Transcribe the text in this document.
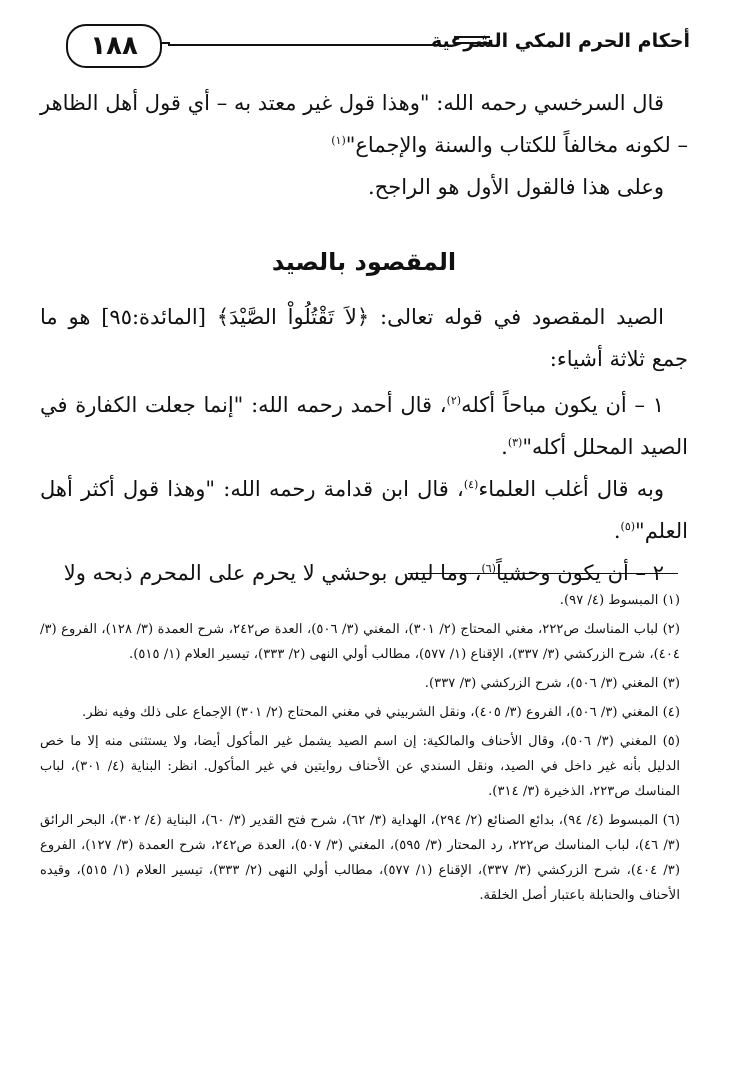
أحكام الحرم المكي الشرعية
١٨٨

قال السرخسي رحمه الله: "وهذا قول غير معتد به – أي قول أهل الظاهر – لكونه مخالفاً للكتاب والسنة والإجماع"$^{(١)}$

وعلى هذا فالقول الأول هو الراجح.

المقصود بالصيد

الصيد المقصود في قوله تعالى: ﴿لاَ تَقْتُلُواْ الصَّيْدَ﴾ [المائدة:٩٥] هو ما جمع ثلاثة أشياء:

١ – أن يكون مباحاً أكله$^{(٢)}$، قال أحمد رحمه الله: "إنما جعلت الكفارة في الصيد المحلل أكله"$^{(٣)}$.

وبه قال أغلب العلماء$^{(٤)}$، قال ابن قدامة رحمه الله: "وهذا قول أكثر أهل العلم"$^{(٥)}$.

٢ – أن يكون وحشياً$^{(٦)}$، وما ليس بوحشي لا يحرم على المحرم ذبحه ولا

(١) المبسوط (٤/ ٩٧).

(٢) لباب المناسك ص٢٢٢، مغني المحتاج (٢/ ٣٠١)، المغني (٣/ ٥٠٦)، العدة ص٢٤٢، شرح العمدة (٣/ ١٢٨)، الفروع (٣/ ٤٠٤)، شرح الزركشي (٣/ ٣٣٧)، الإقناع (١/ ٥٧٧)، مطالب أولي النهى (٢/ ٣٣٣)، تيسير العلام (١/ ٥١٥).

(٣) المغني (٣/ ٥٠٦)، شرح الزركشي (٣/ ٣٣٧).

(٤) المغني (٣/ ٥٠٦)، الفروع (٣/ ٤٠٥)، ونقل الشربيني في مغني المحتاج (٢/ ٣٠١) الإجماع على ذلك وفيه نظر.

(٥) المغني (٣/ ٥٠٦)، وقال الأحناف والمالكية: إن اسم الصيد يشمل غير المأكول أيضا، ولا يستثنى منه إلا ما خص الدليل بأنه غير داخل في الصيد، ونقل السندي عن الأحناف روايتين في غير المأكول. انظر: البناية (٤/ ٣٠١)، لباب المناسك ص٢٢٣، الذخيرة (٣/ ٣١٤).

(٦) المبسوط (٤/ ٩٤)، بدائع الصنائع (٢/ ٢٩٤)، الهداية (٣/ ٦٢)، شرح فتح القدير (٣/ ٦٠)، البناية (٤/ ٣٠٢)، البحر الرائق (٣/ ٤٦)، لباب المناسك ص٢٢٢، رد المحتار (٣/ ٥٩٥)، المغني (٣/ ٥٠٧)، العدة ص٢٤٢، شرح العمدة (٣/ ١٢٧)، الفروع (٣/ ٤٠٤)، شرح الزركشي (٣/ ٣٣٧)، الإقناع (١/ ٥٧٧)، مطالب أولي النهى (٢/ ٣٣٣)، تيسير العلام (١/ ٥١٥)، وقيده الأحناف والحنابلة باعتبار أصل الخلقة.
